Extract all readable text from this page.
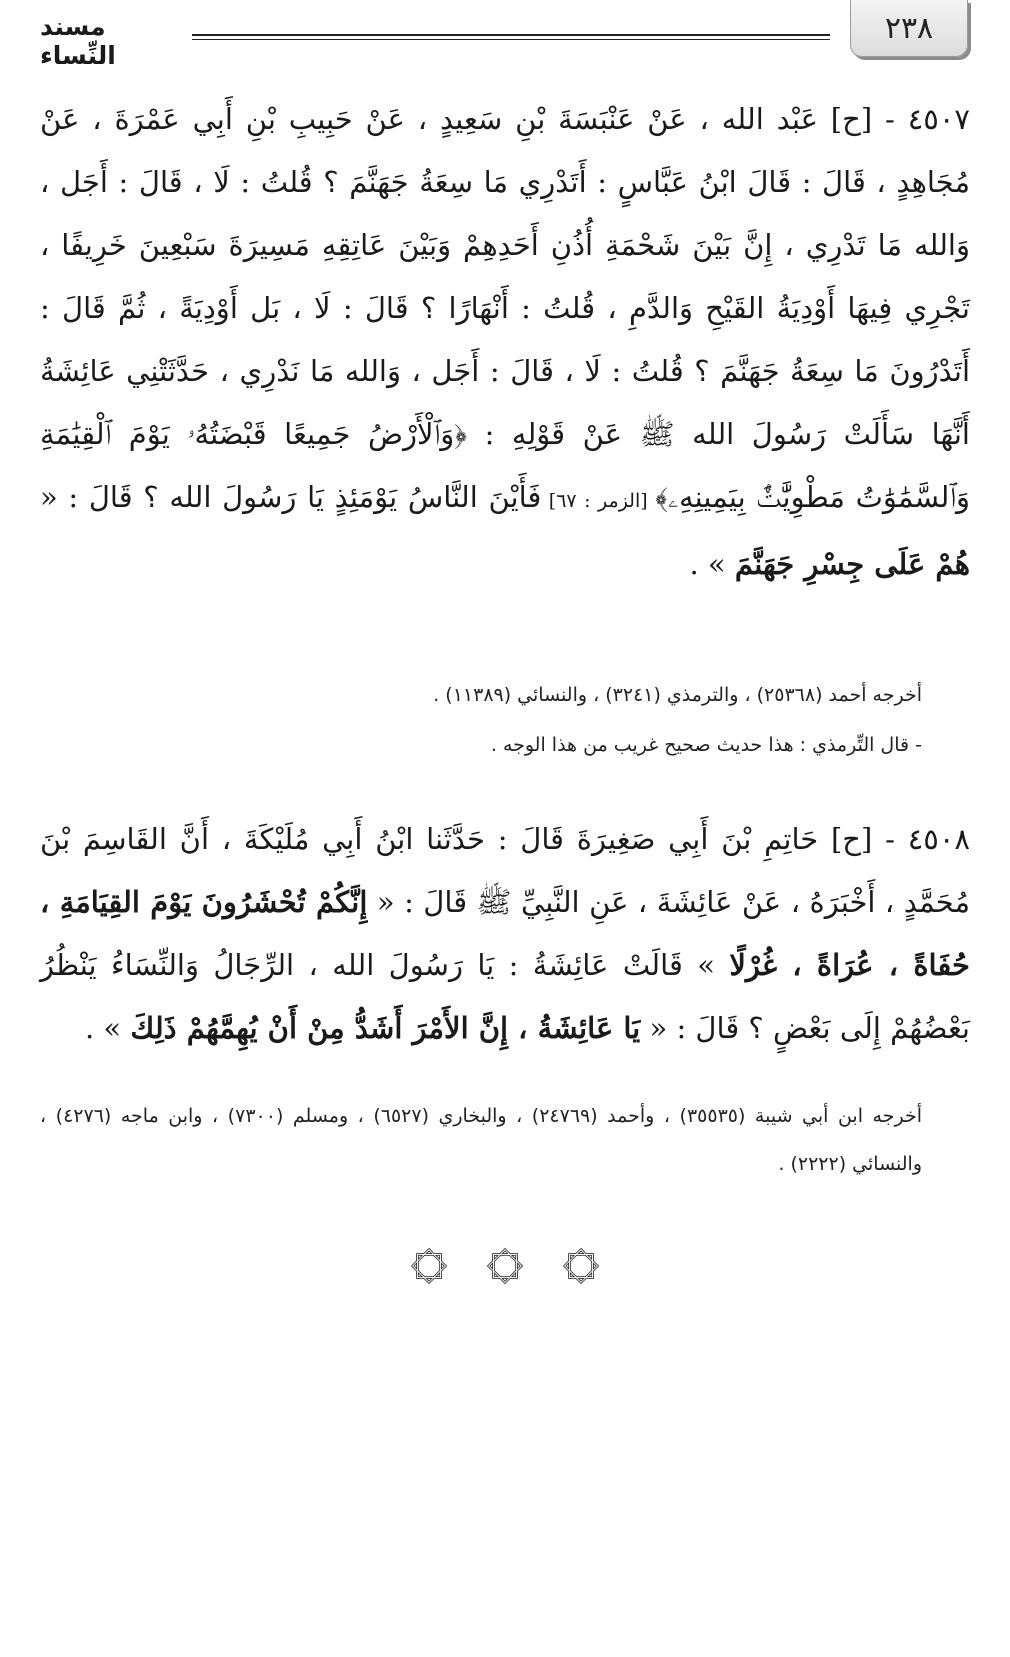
٢٣٨
مسند النِّساء
٤٥٠٧ - [ح] عَبْد الله ، عَنْ عَنْبَسَةَ بْنِ سَعِيدٍ ، عَنْ حَبِيبِ بْنِ أَبِي عَمْرَةَ ، عَنْ مُجَاهِدٍ ، قَالَ : قَالَ ابْنُ عَبَّاسٍ : أَتَدْرِي مَا سِعَةُ جَهَنَّمَ ؟ قُلتُ : لَا ، قَالَ : أَجَل ، وَالله مَا تَدْرِي ، إِنَّ بَيْنَ شَحْمَةِ أُذُنِ أَحَدِهِمْ وَبَيْنَ عَاتِقِهِ مَسِيرَةَ سَبْعِينَ خَرِيفًا ، تَجْرِي فِيهَا أَوْدِيَةُ القَيْحِ وَالدَّمِ ، قُلتُ : أَنْهَارًا ؟ قَالَ : لَا ، بَل أَوْدِيَةً ، ثُمَّ قَالَ : أَتَدْرُونَ مَا سِعَةُ جَهَنَّمَ ؟ قُلتُ : لَا ، قَالَ : أَجَل ، وَالله مَا نَدْرِي ، حَدَّثَتْنِي عَائِشَةُ أَنَّهَا سَأَلَتْ رَسُولَ الله ﷺ عَنْ قَوْلِهِ : ﴿وَٱلْأَرْضُ جَمِيعًا قَبْضَتُهُۥ يَوْمَ ٱلْقِيَٰمَةِ وَٱلسَّمَٰوَٰتُ مَطْوِيَّٰتٌۢ بِيَمِينِهِۦ﴾ [الزمر : ٦٧] فَأَيْنَ النَّاسُ يَوْمَئِذٍ يَا رَسُولَ الله ؟ قَالَ : « هُمْ عَلَى جِسْرِ جَهَنَّمَ » .
أخرجه أحمد (٢٥٣٦٨) ، والترمذي (٣٢٤١) ، والنسائي (١١٣٨٩) .
- قال التِّرمذي : هذا حديث صحيح غريب من هذا الوجه .
٤٥٠٨ - [ح] حَاتِمِ بْنَ أَبِي صَغِيرَةَ قَالَ : حَدَّثَنا ابْنُ أَبِي مُلَيْكَةَ ، أَنَّ القَاسِمَ بْنَ مُحَمَّدٍ ، أَخْبَرَهُ ، عَنْ عَائِشَةَ ، عَنِ النَّبِيِّ ﷺ قَالَ : « إِنَّكُمْ تُحْشَرُونَ يَوْمَ القِيَامَةِ ، حُفَاةً ، عُرَاةً ، غُرْلًا » قَالَتْ عَائِشَةُ : يَا رَسُولَ الله ، الرِّجَالُ وَالنِّسَاءُ يَنْظُرُ بَعْضُهُمْ إِلَى بَعْضٍ ؟ قَالَ : « يَا عَائِشَةُ ، إِنَّ الأَمْرَ أَشَدُّ مِنْ أَنْ يُهِمَّهُمْ ذَلِكَ » .
أخرجه ابن أبي شيبة (٣٥٥٣٥) ، وأحمد (٢٤٧٦٩) ، والبخاري (٦٥٢٧) ، ومسلم (٧٣٠٠) ، وابن ماجه (٤٢٧٦) ، والنسائي (٢٢٢٢) .
